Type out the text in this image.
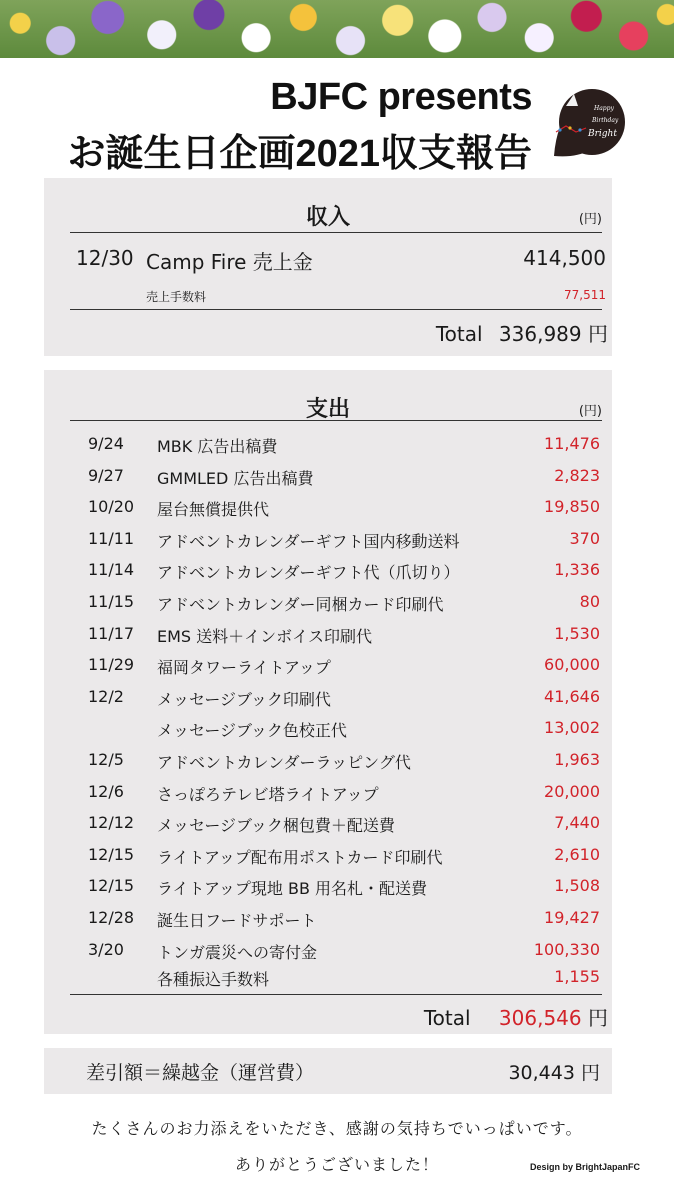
BJFC presents
お誕生日企画2021収支報告
Happy
Birthday
Bright
収入	(円)
12/30 Camp Fire 売上金	414,500
売上手数料	77,511
Total 336,989 円
支出	(円)
9/24 MBK 広告出稿費	11,476
9/27 GMMLED 広告出稿費	2,823
10/20 屋台無償提供代	19,850
11/11 アドベントカレンダーギフト国内移動送料	370
11/14 アドベントカレンダーギフト代（爪切り）	1,336
11/15 アドベントカレンダー同梱カード印刷代	80
11/17 EMS 送料＋インボイス印刷代	1,530
11/29 福岡タワーライトアップ	60,000
12/2 メッセージブック印刷代	41,646
メッセージブック色校正代	13,002
12/5 アドベントカレンダーラッピング代	1,963
12/6 さっぽろテレビ塔ライトアップ	20,000
12/12 メッセージブック梱包費＋配送費	7,440
12/15 ライトアップ配布用ポストカード印刷代	2,610
12/15 ライトアップ現地 BB 用名札・配送費	1,508
12/28 誕生日フードサポート	19,427
3/20 トンガ震災への寄付金	100,330
各種振込手数料	1,155
Total 306,546 円
差引額＝繰越金（運営費）	30,443 円
たくさんのお力添えをいただき、感謝の気持ちでいっぱいです。
ありがとうございました！	Design by BrightJapanFC
